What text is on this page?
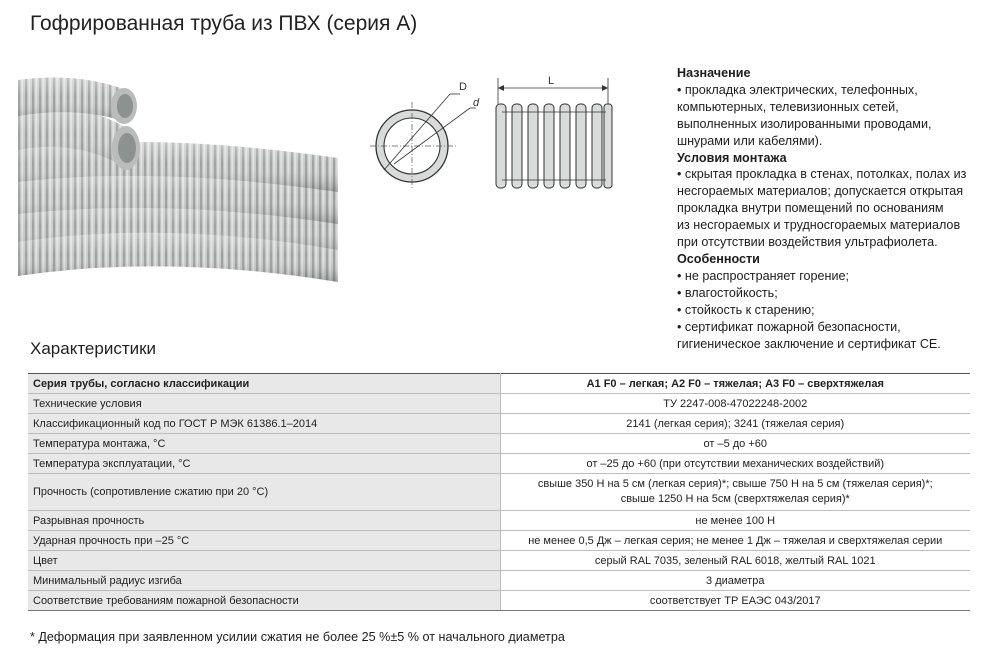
Гофрированная труба из ПВХ (серия А)
D
d
L
Назначение
• прокладка электрических, телефонных,
компьютерных, телевизионных сетей,
выполненных изолированными проводами,
шнурами или кабелями).
Условия монтажа
• скрытая прокладка в стенах, потолках, полах из
несгораемых материалов; допускается открытая
прокладка внутри помещений по основаниям
из несгораемых и трудносгораемых материалов
при отсутствии воздействия ультрафиолета.
Особенности
• не распространяет горение;
• влагостойкость;
• стойкость к старению;
• сертификат пожарной безопасности,
гигиеническое заключение и сертификат CE.
Характеристики
Серия трубы, согласно классификации	A1 F0 – легкая; A2 F0 – тяжелая; A3 F0 – сверхтяжелая
Технические условия	ТУ 2247-008-47022248-2002
Классификационный код по ГОСТ Р МЭК 61386.1–2014	2141 (легкая серия); 3241 (тяжелая серия)
Температура монтажа, °С	от –5 до +60
Температура эксплуатации, °С	от –25 до +60 (при отсутствии механических воздействий)
Прочность (сопротивление сжатию при 20 °С)	свыше 350 Н на 5 см (легкая серия)*; свыше 750 Н на 5 см (тяжелая серия)*;
свыше 1250 Н на 5см (сверхтяжелая серия)*

Разрывная прочность	не менее 100 Н
Ударная прочность при –25 °С	не менее 0,5 Дж – легкая серия; не менее 1 Дж – тяжелая и сверхтяжелая серии
Цвет	серый RAL 7035, зеленый RAL 6018, желтый RAL 1021
Минимальный радиус изгиба	3 диаметра
Соответствие требованиям пожарной безопасности	соответствует ТР ЕАЭС 043/2017
* Деформация при заявленном усилии сжатия не более 25 %±5 % от начального диаметра
